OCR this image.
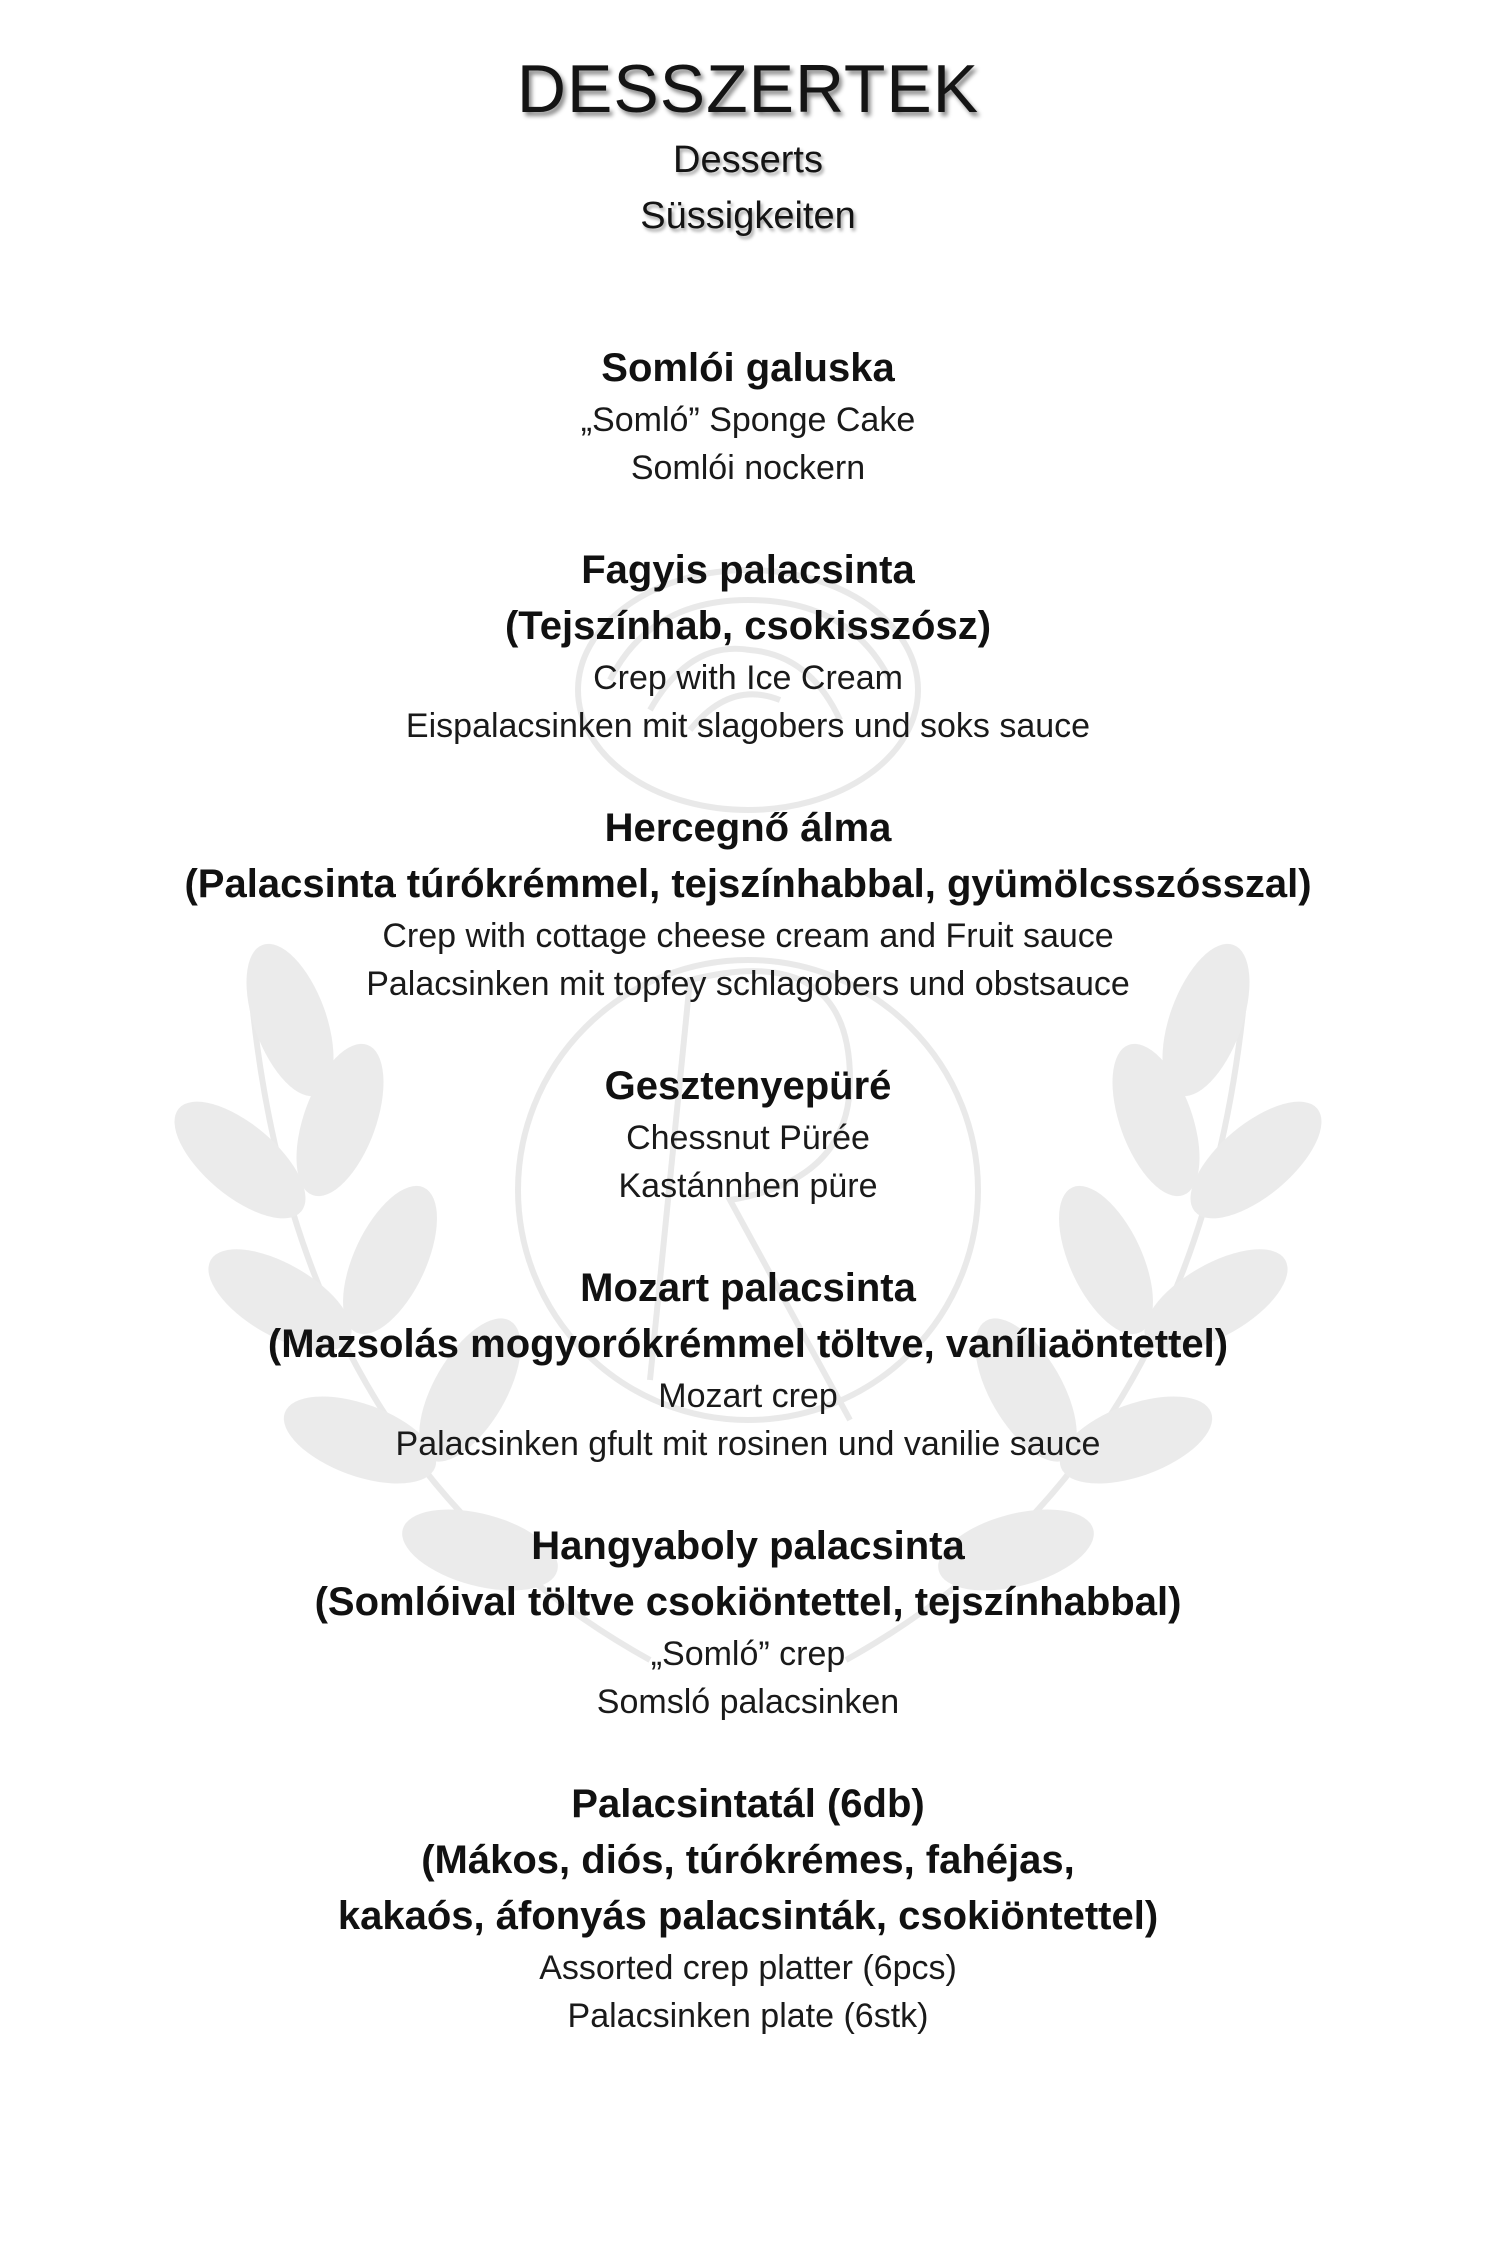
DESSZERTEK
Desserts
Süssigkeiten
Somlói galuska
„Somló” Sponge Cake
Somlói nockern
Fagyis palacsinta
(Tejszínhab, csokisszósz)
Crep with Ice Cream
Eispalacsinken mit slagobers und soks sauce
Hercegnő álma
(Palacsinta túrókrémmel, tejszínhabbal, gyümölcsszósszal)
Crep with cottage cheese cream and Fruit sauce
Palacsinken mit topfey schlagobers und obstsauce
Gesztenyepüré
Chessnut Pürée
Kastánnhen püre
Mozart palacsinta
(Mazsolás mogyorókrémmel töltve, vaníliaöntettel)
Mozart crep
Palacsinken gfult mit rosinen und vanilie sauce
Hangyaboly palacsinta
(Somlóival töltve csokiöntettel, tejszínhabbal)
„Somló” crep
Somsló palacsinken
Palacsintatál (6db)
(Mákos, diós, túrókrémes, fahéjas,
kakaós, áfonyás palacsinták, csokiöntettel)
Assorted crep platter (6pcs)
Palacsinken plate (6stk)
